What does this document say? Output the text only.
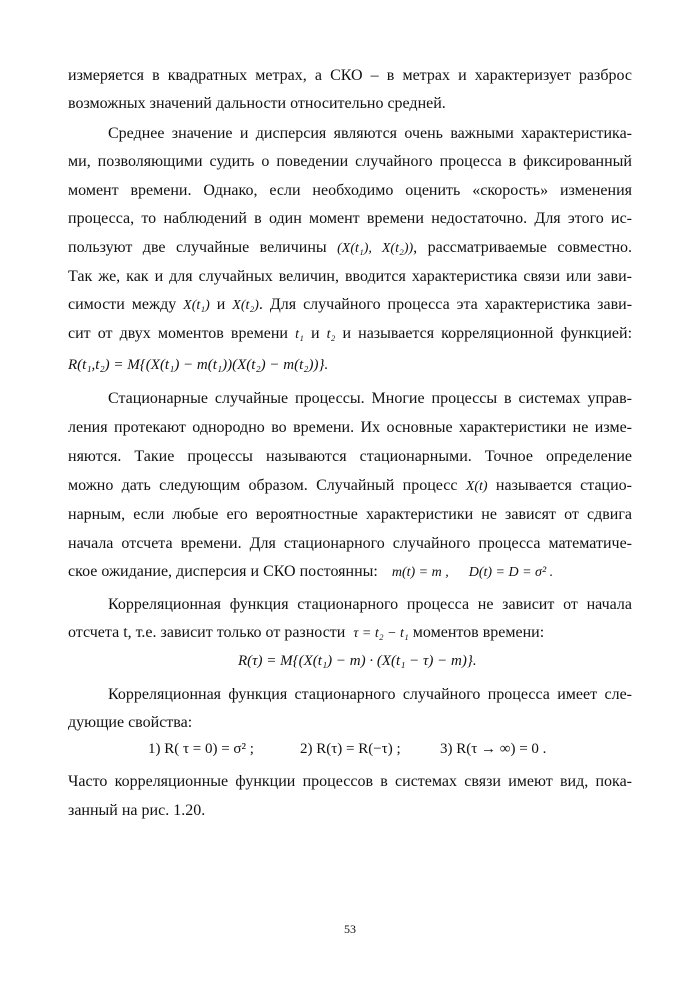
измеряется в квадратных метрах, а СКО – в метрах и характеризует разброс
возможных значений дальности относительно средней.
Среднее значение и дисперсия являются очень важными характеристика-
ми, позволяющими судить о поведении случайного процесса в фиксированный
момент времени. Однако, если необходимо оценить «скорость» изменения
процесса, то наблюдений в один момент времени недостаточно. Для этого ис-
пользуют две случайные величины (X(t₁), X(t₂)), рассматриваемые совместно.
Так же, как и для случайных величин, вводится характеристика связи или зави-
симости между X(t₁) и X(t₂). Для случайного процесса эта характеристика зави-
сит от двух моментов времени t₁ и t₂ и называется корреляционной функцией:
R(t₁,t₂) = M{(X(t₁) − m(t₁))(X(t₂) − m(t₂))}.
Стационарные случайные процессы. Многие процессы в системах управ-
ления протекают однородно во времени. Их основные характеристики не изме-
няются. Такие процессы называются стационарными. Точное определение
можно дать следующим образом. Случайный процесс X(t) называется стацио-
нарным, если любые его вероятностные характеристики не зависят от сдвига
начала отсчета времени. Для стационарного случайного процесса математиче-
ское ожидание, дисперсия и СКО постоянны: m(t) = m , D(t) = D = σ² .
Корреляционная функция стационарного процесса не зависит от начала
отсчета t, т.е. зависит только от разности τ = t₂ − t₁ моментов времени:
R(τ) = M{(X(t₁) − m) · (X(t₁ − τ) − m)}.
Корреляционная функция стационарного случайного процесса имеет сле-
дующие свойства:
1) R( τ = 0) = σ² ;	2) R(τ) = R(−τ) ;	3) R(τ → ∞) = 0 .
Часто корреляционные функции процессов в системах связи имеют вид, пока-
занный на рис. 1.20.
53
